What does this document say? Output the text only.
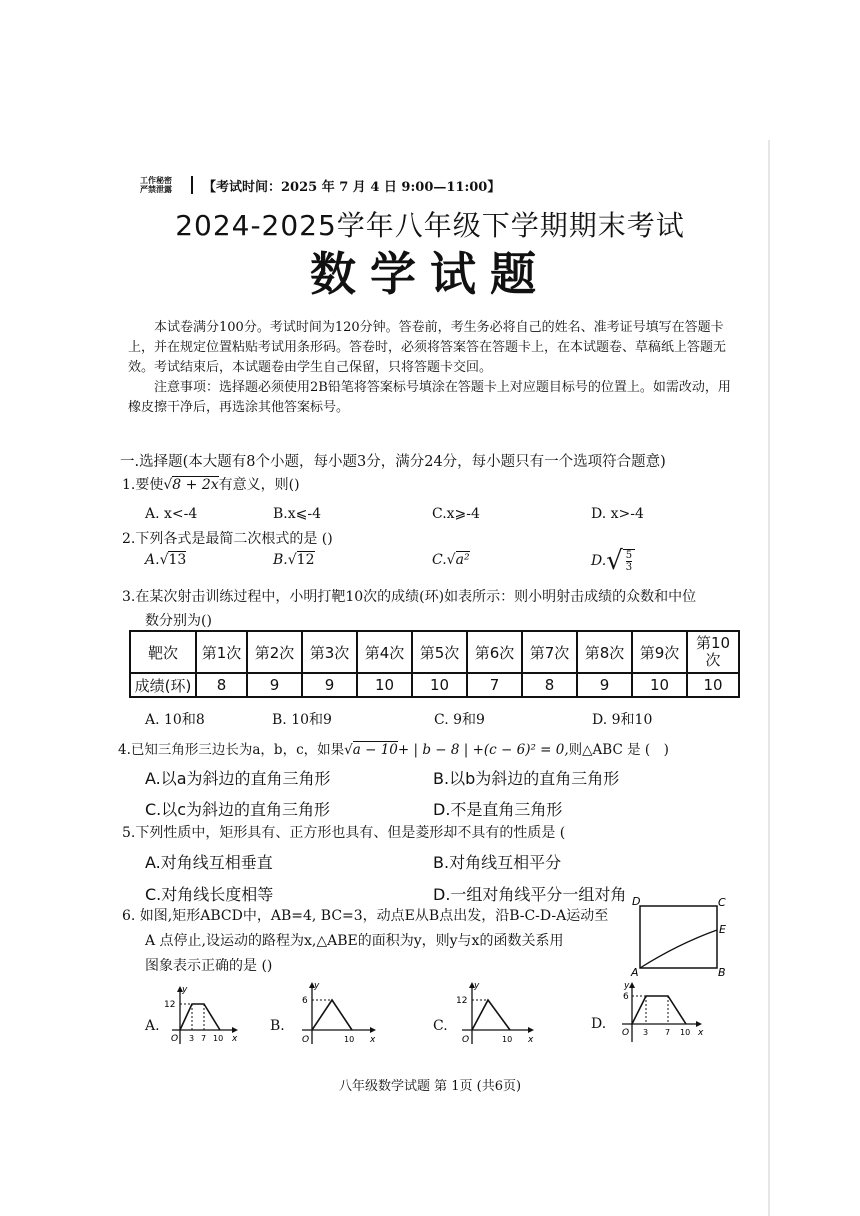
工作秘密
严禁泄露 【考试时间：2025 年 7 月 4 日 9:00—11:00】
2024-2025学年八年级下学期期末考试
数学试题

本试卷满分100分。考试时间为120分钟。答卷前，考生务必将自己的姓名、准考证号填写在答题卡上，并在规定位置粘贴考试用条形码。答卷时，必须将答案答在答题卡上，在本试题卷、草稿纸上答题无效。考试结束后，本试题卷由学生自己保留，只将答题卡交回。

注意事项：选择题必须使用2B铅笔将答案标号填涂在答题卡上对应题目标号的位置上。如需改动，用橡皮擦干净后，再选涂其他答案标号。

一.选择题(本大题有8个小题，每小题3分，满分24分，每小题只有一个选项符合题意)
1.要使√8 + 2x有意义，则()
A. x<-4	B.x⩽-4	C.x⩾-4	D. x>-4
2.下列各式是最简二次根式的是 ()
A.√13	B.√12	C.√a²	$D.√ \frac{5}{3}$
3.在某次射击训练过程中，小明打靶10次的成绩(环)如表所示：则小明射击成绩的众数和中位
数分别为()
靶次	第1次	第2次	第3次	第4次	第5次	第6次	第7次	第8次	第9次	第10
次
成绩(环)	8	9	9	10	10	7	8	9	10	10
A. 10和8	B. 10和9	C. 9和9	D. 9和10
4.已知三角形三边长为a，b，c，如果√a − 10+ | b − 8 | +(c − 6)² = 0,则△ABC 是 (　)
A.以a为斜边的直角三角形	B.以b为斜边的直角三角形
C.以c为斜边的直角三角形	D.不是直角三角形
5.下列性质中，矩形具有、正方形也具有、但是菱形却不具有的性质是 (
A.对角线互相垂直	B.对角线互相平分
C.对角线长度相等	D.一组对角线平分一组对角
6. 如图,矩形ABCD中，AB=4, BC=3，动点E从B点出发，沿B-C-D-A运动至
A 点停止,设运动的路程为x,△ABE的面积为y，则y与x的函数关系用
图象表示正确的是 ()
D	C
E
A	B
A.
y
x
12
O 3 7 10
B.
y
x
6
O	10
C.
y
x
12
O	10
D.
y
x
6
O 3 7 10
八年级数学试题 第 1页 (共6页)
